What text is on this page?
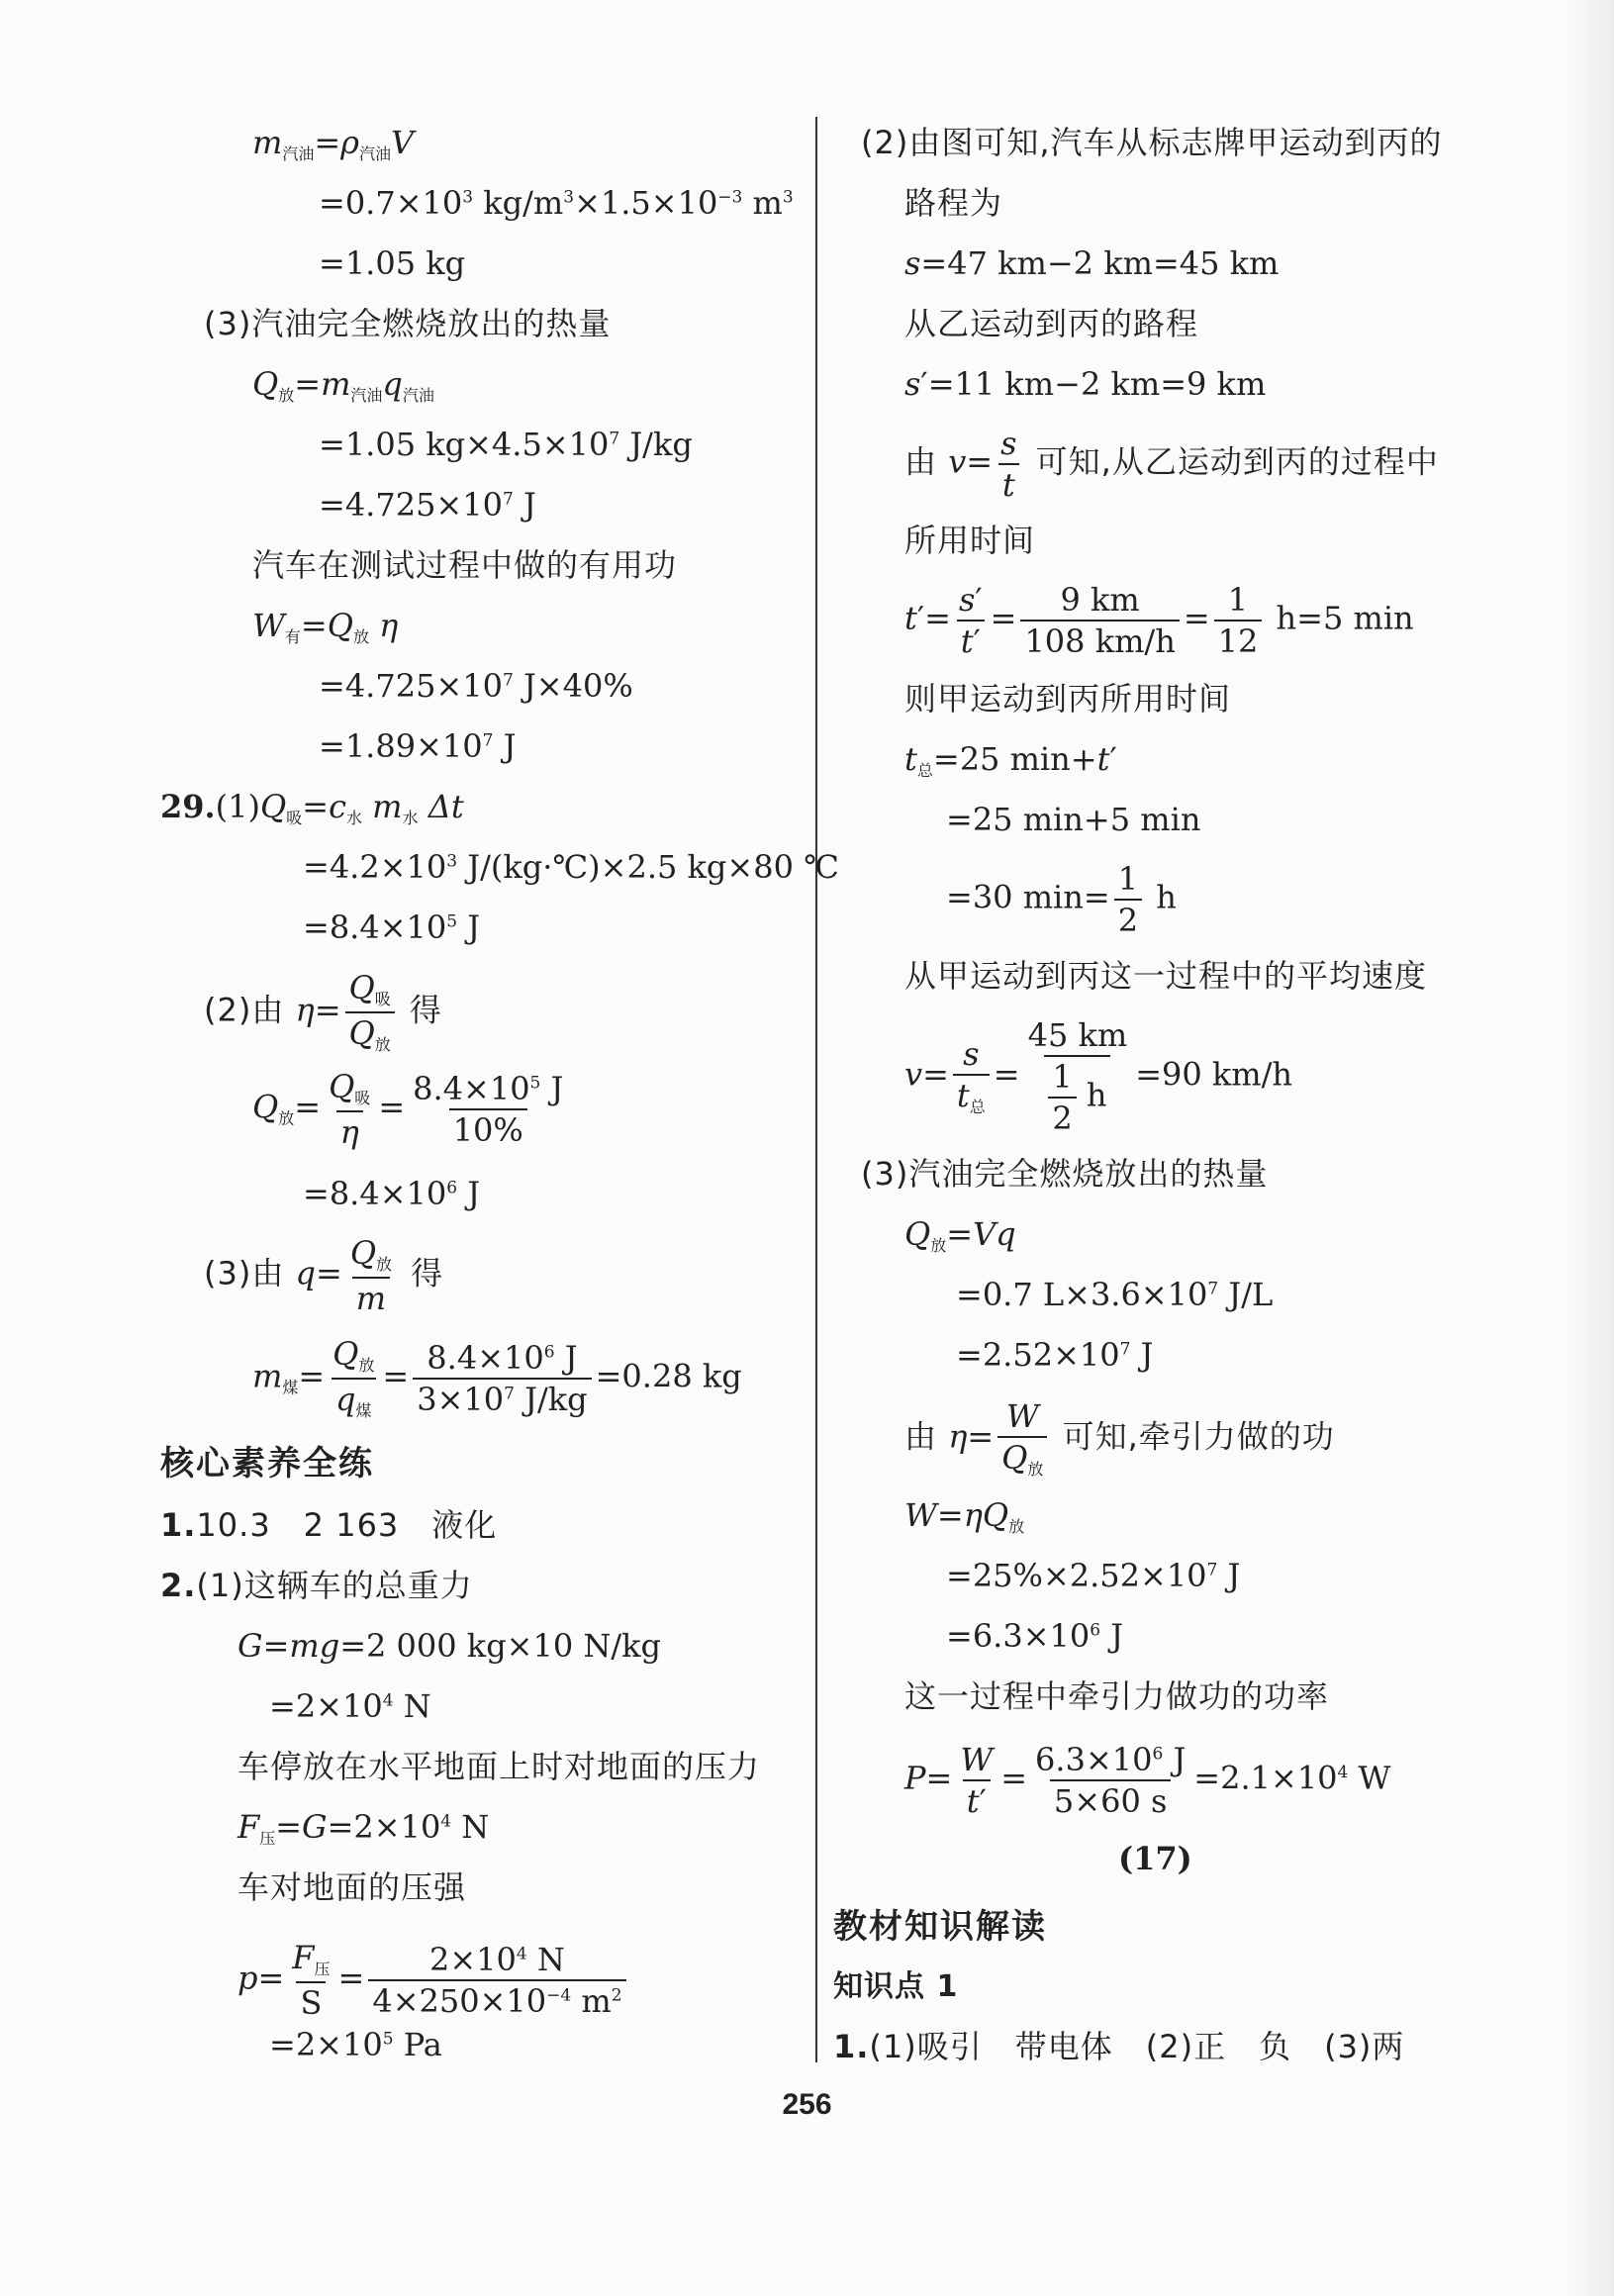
$m_{汽油}=\rho_{汽油}V$
$=0.7\times 10^3$ $kg/m^3\times 1.5\times 10^{-3}$ $m^3$
=1.05 kg
(3)汽油完全燃烧放出的热量
$Q_放=m_{汽油}q_{汽油}$
=1.05 $kg\times 4.5\times 10^7$ J/kg
$=4.725\times 10^7$ J
汽车在测试过程中做的有用功
$W_有=Q_放$ η
$=4.725\times 10^7$ J×40%
$=1.89\times 10^7$ J
$29.(1)Q_吸=c_水$ $m_水$ Δt
$=4.2\times 10^3$ J/(kg·℃)×2.5 kg×80 ℃
$=8.4\times 10^5$ J
(2)由 $\eta= \frac{Q_吸}{Q_放}$ 得
$Q_放= \frac{Q_吸}{\eta} = \frac{8.4\times 10^5 J}{10\%}$
$=8.4\times 10^6$ J
(3)由 $q= \frac{Q_放}{m}$ 得
$m_煤= \frac{Q_放}{q_煤} = \frac{8.4\times 10^6 J}{3\times 10^7 J/kg} =0.28$ kg
核心素养全练
1.10.3　2 163　液化
2.(1)这辆车的总重力
G=mg=2 000 kg×10 N/kg
$=2\times 10^4$ N
车停放在水平地面上时对地面的压力
$F_压=G=2\times 10^4$ N
车对地面的压强
$p= \frac{F_压}{S} = \frac{2\times 10^4 N}{4\times 250\times 10^{-4} m^2}$
$=2\times 10^5$ Pa
(2)由图可知,汽车从标志牌甲运动到丙的
路程为
s=47 km−2 km=45 km
从乙运动到丙的路程
s′=11 km−2 km=9 km
由 $v= \frac{s}{t}$ 可知,从乙运动到丙的过程中
所用时间
$t'= \frac{s'}{t'} = \frac{9 km}{108 km/h} = \frac{1}{12} h=5$ min
则甲运动到丙所用时间
$t_总=25$ min+t′
=25 min+5 min
=30 $\min= \frac{1}{2}$ h
从甲运动到丙这一过程中的平均速度
$v= \frac{s}{t_总} = \frac{45 km}{\frac{1}{2} h} =90$ km/h
(3)汽油完全燃烧放出的热量
$Q_放=Vq$
=0.7 $L\times 3.6\times 10^7$ J/L
$=2.52\times 10^7$ J
由 $\eta= \frac{W}{Q_放}$ 可知,牵引力做的功
$W=\eta Q_放$
$=25\%\times 2.52\times 10^7$ J
$=6.3\times 10^6$ J
这一过程中牵引力做功的功率
$P= \frac{W}{t'} = \frac{6.3\times 10^6 J}{5\times 60 s} =2.1\times 10^4$ W
(17)
教材知识解读
知识点 1
1.(1)吸引　带电体　(2)正　负　(3)两
256
